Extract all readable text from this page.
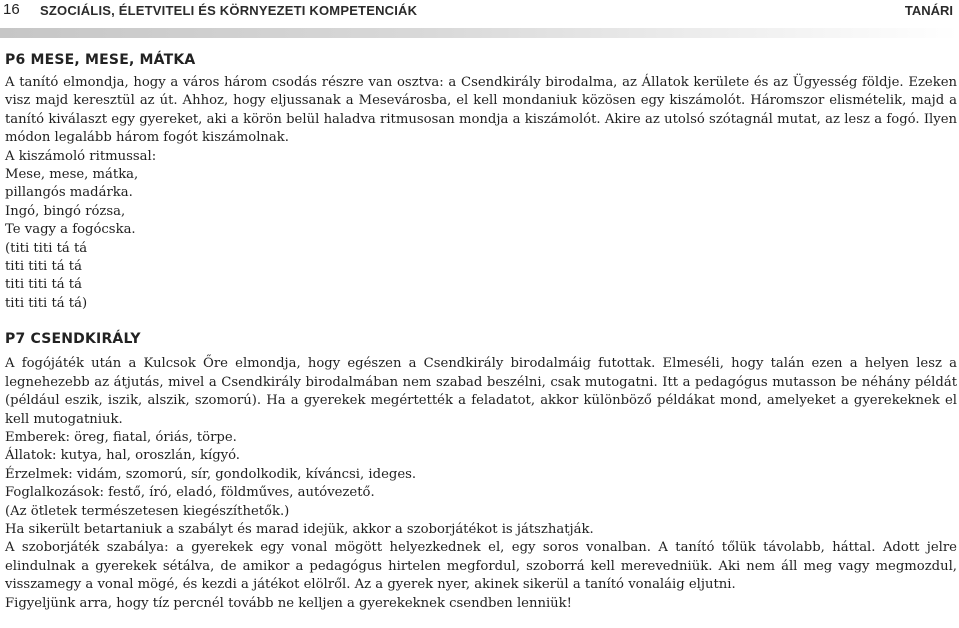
16 SZOCIÁLIS, ÉLETVITELI ÉS KÖRNYEZETI KOMPETENCIÁK	TANÁRI
P6 MESE, MESE, MÁTKA

A tanító elmondja, hogy a város három csodás részre van osztva: a Csendkirály birodalma, az Állatok kerülete és az Ügyesség földje. Ezeken visz majd keresztül az út. Ahhoz, hogy eljussanak a Mesevárosba, el kell mondaniuk közösen egy kiszámolót. Háromszor elismételik, majd a tanító kiválaszt egy gyereket, aki a körön belül haladva ritmusosan mondja a kiszámolót. Akire az utolsó szótagnál mutat, az lesz a fogó. Ilyen módon legalább három fogót kiszámolnak.

A kiszámoló ritmussal:
Mese, mese, mátka,
pillangós madárka.
Ingó, bingó rózsa,
Te vagy a fogócska.
(titi titi tá tá
titi titi tá tá
titi titi tá tá
titi titi tá tá)
P7 CSENDKIRÁLY

A fogójáték után a Kulcsok Őre elmondja, hogy egészen a Csendkirály birodalmáig futottak. Elmeséli, hogy talán ezen a helyen lesz a legnehezebb az átjutás, mivel a Csendkirály birodalmában nem szabad beszélni, csak mutogatni. Itt a pedagógus mutasson be néhány példát (például eszik, iszik, alszik, szomorú). Ha a gyerekek megértették a feladatot, akkor különböző példákat mond, amelyeket a gyerekeknek el kell mutogatniuk.

Emberek: öreg, fiatal, óriás, törpe.
Állatok: kutya, hal, oroszlán, kígyó.
Érzelmek: vidám, szomorú, sír, gondolkodik, kíváncsi, ideges.
Foglalkozások: festő, író, eladó, földműves, autóvezető.
(Az ötletek természetesen kiegészíthetők.)
Ha sikerült betartaniuk a szabályt és marad idejük, akkor a szoborjátékot is játszhatják.

A szoborjáték szabálya: a gyerekek egy vonal mögött helyezkednek el, egy soros vonalban. A tanító tőlük távolabb, háttal. Adott jelre elindulnak a gyerekek sétálva, de amikor a pedagógus hirtelen megfordul, szoborrá kell merevedniük. Aki nem áll meg vagy megmozdul, visszamegy a vonal mögé, és kezdi a játékot elölről. Az a gyerek nyer, akinek sikerül a tanító vonaláig eljutni.

Figyeljünk arra, hogy tíz percnél tovább ne kelljen a gyerekeknek csendben lenniük!
